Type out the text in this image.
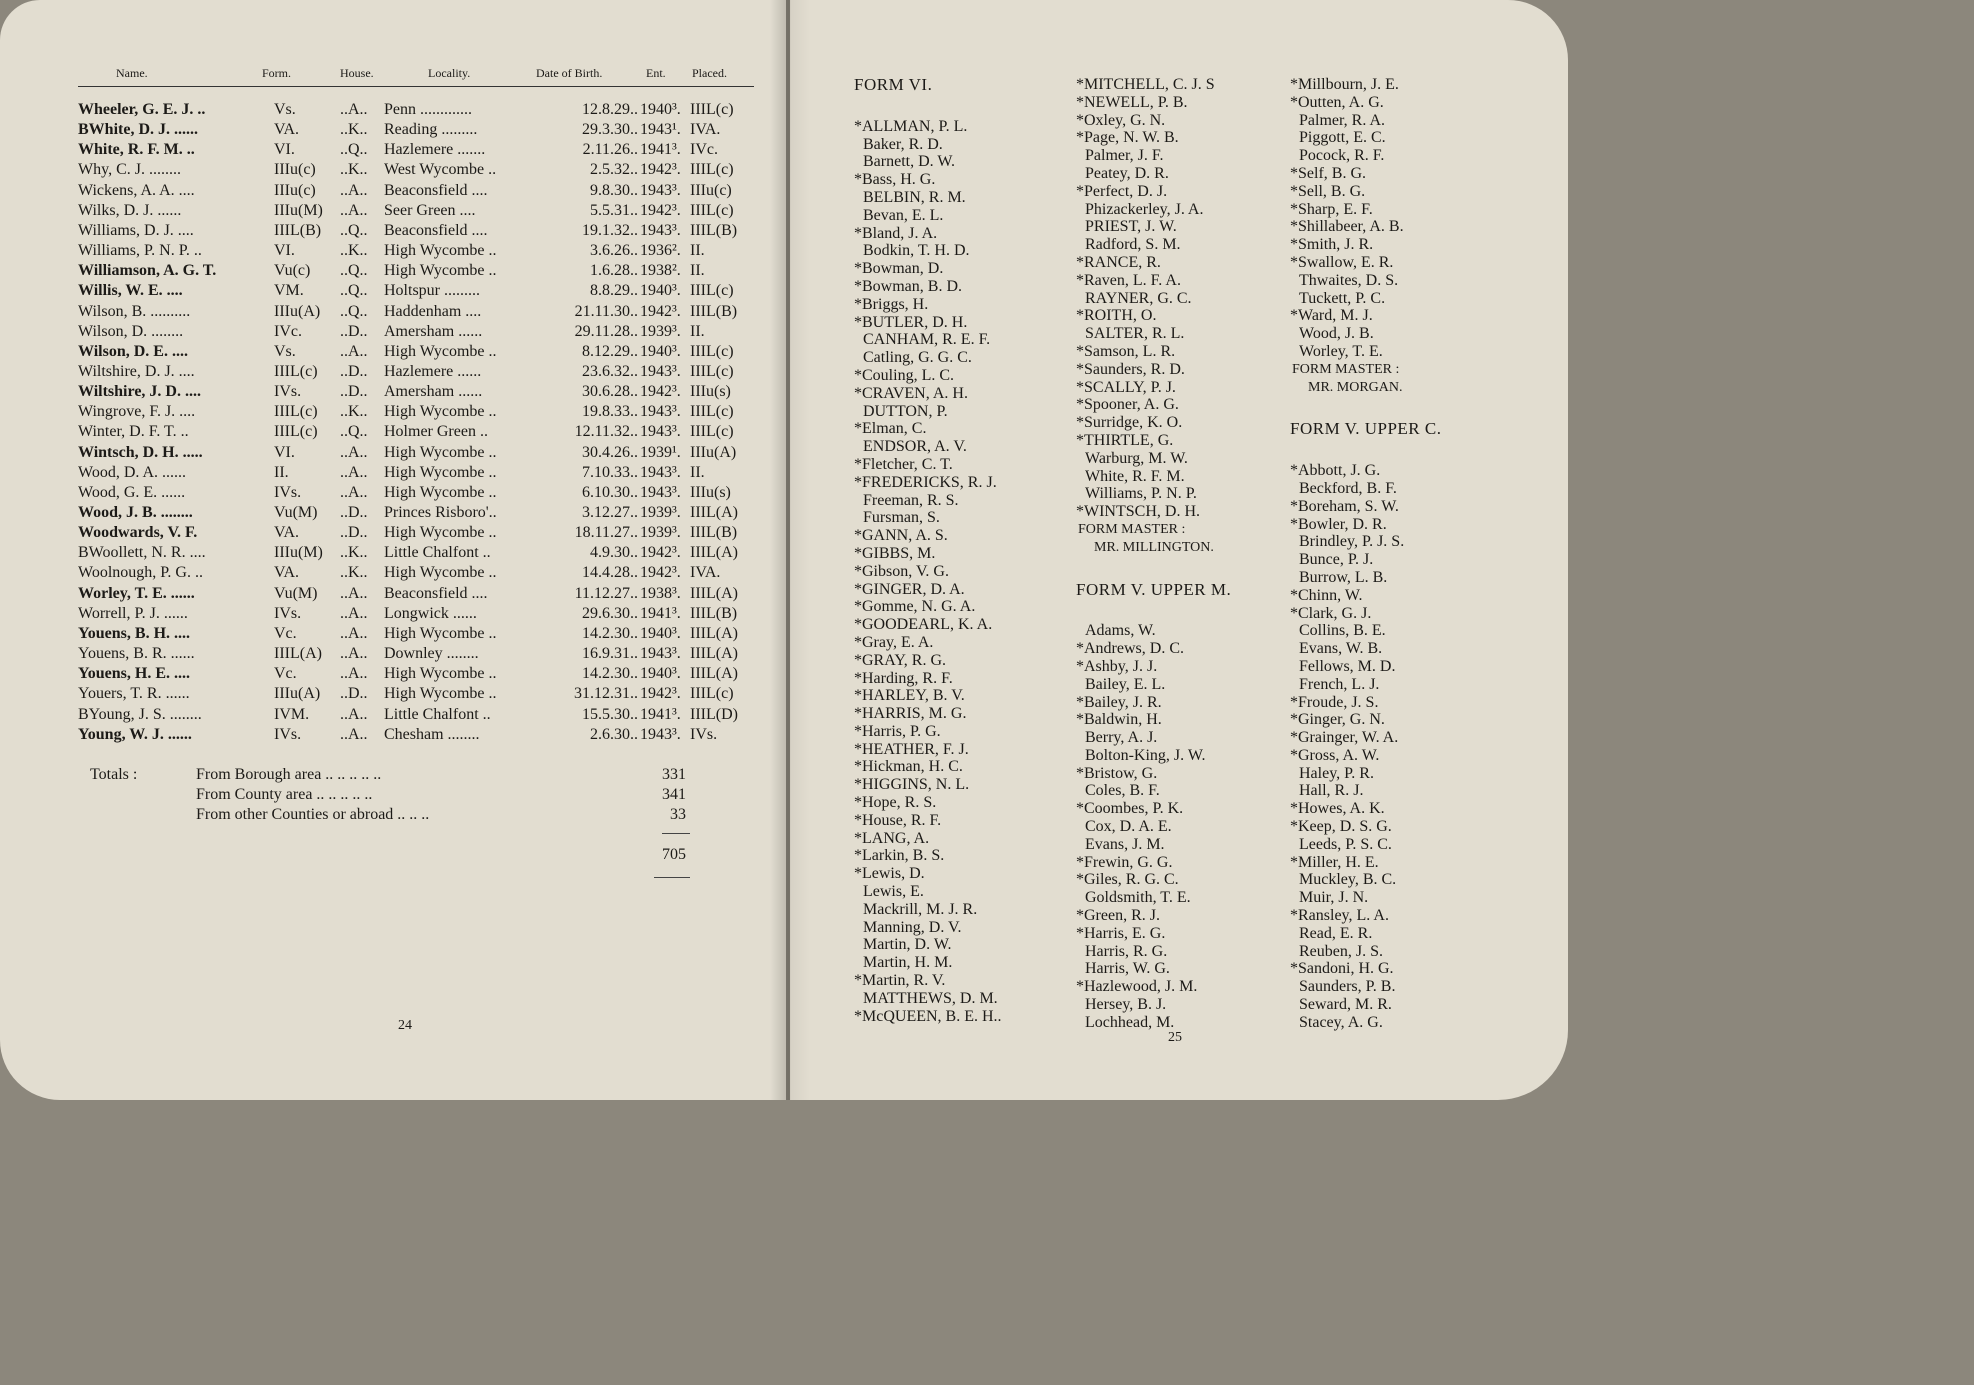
Name.	Form.	House.	Locality.	Date of Birth.	Ent. Placed.
Wheeler, G. E. J. ..	Vs.	..A.. Penn .............	12.8.29.. 1940³. IIIL(c)
BWhite, D. J. ......	VA.	..K.. Reading .........	29.3.30.. 1943¹. IVA.
White, R. F. M. ..	VI.	..Q.. Hazlemere .......	2.11.26.. 1941³. IVc.
Why, C. J. ........	IIIu(c) ..K.. West Wycombe ..	2.5.32.. 1942³. IIIL(c)
Wickens, A. A. ....	IIIu(c) ..A.. Beaconsfield ....	9.8.30.. 1943³. IIIu(c)
Wilks, D. J. ......	IIIu(M) ..A.. Seer Green ....	5.5.31.. 1942³. IIIL(c)
Williams, D. J. ....	IIIL(B) ..Q.. Beaconsfield ....	19.1.32.. 1943³. IIIL(B)
Williams, P. N. P. ..	VI.	..K.. High Wycombe ..	3.6.26.. 1936². II.
Williamson, A. G. T.	Vu(c) ..Q.. High Wycombe ..	1.6.28.. 1938². II.
Willis, W. E. ....	VM. ..Q.. Holtspur .........	8.8.29.. 1940³. IIIL(c)
Wilson, B. ..........	IIIu(A) ..Q.. Haddenham ....	21.11.30.. 1942³. IIIL(B)
Wilson, D. ........	IVc. ..D.. Amersham ......	29.11.28.. 1939³. II.
Wilson, D. E. ....	Vs.	..A.. High Wycombe ..	8.12.29.. 1940³. IIIL(c)
Wiltshire, D. J. ....	IIIL(c) ..D.. Hazlemere ......	23.6.32.. 1943³. IIIL(c)
Wiltshire, J. D. ....	IVs. ..D.. Amersham ......	30.6.28.. 1942³. IIIu(s)
Wingrove, F. J. ....	IIIL(c) ..K.. High Wycombe ..	19.8.33.. 1943³. IIIL(c)
Winter, D. F. T. ..	IIIL(c) ..Q.. Holmer Green ..	12.11.32.. 1943³. IIIL(c)
Wintsch, D. H. .....	VI.	..A.. High Wycombe ..	30.4.26.. 1939¹. IIIu(A)
Wood, D. A. ......	II.	..A.. High Wycombe ..	7.10.33.. 1943³. II.
Wood, G. E. ......	IVs. ..A.. High Wycombe ..	6.10.30.. 1943³. IIIu(s)
Wood, J. B. ........	Vu(M) ..D.. Princes Risboro'..	3.12.27.. 1939³. IIIL(A)
Woodwards, V. F.	VA.	..D.. High Wycombe ..	18.11.27.. 1939³. IIIL(B)
BWoollett, N. R. ....	IIIu(M) ..K.. Little Chalfont ..	4.9.30.. 1942³. IIIL(A)
Woolnough, P. G. ..	VA.	..K.. High Wycombe ..	14.4.28.. 1942³. IVA.
Worley, T. E. ......	Vu(M) ..A.. Beaconsfield ....	11.12.27.. 1938³. IIIL(A)
Worrell, P. J. ......	IVs. ..A.. Longwick ......	29.6.30.. 1941³. IIIL(B)
Youens, B. H. ....	Vc.	..A.. High Wycombe ..	14.2.30.. 1940³. IIIL(A)
Youens, B. R. ......	IIIL(A) ..A.. Downley ........	16.9.31.. 1943³. IIIL(A)
Youens, H. E. ....	Vc.	..A.. High Wycombe ..	14.2.30.. 1940³. IIIL(A)
Youers, T. R. ......	IIIu(A) ..D.. High Wycombe ..	31.12.31.. 1942³. IIIL(c)
BYoung, J. S. ........	IVM. ..A.. Little Chalfont ..	15.5.30.. 1941³. IIIL(D)
Young, W. J. ......	IVs. ..A.. Chesham ........	2.6.30.. 1943³. IVs.
Totals :	From Borough area .. .. .. .. ..	331
From County area .. .. .. .. ..	341
From other Counties or abroad .. .. ..	33
705
24
FORM VI.
*ALLMAN, P. L.
Baker, R. D.
Barnett, D. W.
*Bass, H. G.
BELBIN, R. M.
Bevan, E. L.
*Bland, J. A.
Bodkin, T. H. D.
*Bowman, D.
*Bowman, B. D.
*Briggs, H.
*BUTLER, D. H.
CANHAM, R. E. F.
Catling, G. G. C.
*Couling, L. C.
*CRAVEN, A. H.
DUTTON, P.
*Elman, C.
ENDSOR, A. V.
*Fletcher, C. T.
*FREDERICKS, R. J.
Freeman, R. S.
Fursman, S.
*GANN, A. S.
*GIBBS, M.
*Gibson, V. G.
*GINGER, D. A.
*Gomme, N. G. A.
*GOODEARL, K. A.
*Gray, E. A.
*GRAY, R. G.
*Harding, R. F.
*HARLEY, B. V.
*HARRIS, M. G.
*Harris, P. G.
*HEATHER, F. J.
*Hickman, H. C.
*HIGGINS, N. L.
*Hope, R. S.
*House, R. F.
*LANG, A.
*Larkin, B. S.
*Lewis, D.
Lewis, E.
Mackrill, M. J. R.
Manning, D. V.
Martin, D. W.
Martin, H. M.
*Martin, R. V.
MATTHEWS, D. M.
*McQUEEN, B. E. H..
*MITCHELL, C. J. S
*NEWELL, P. B.
*Oxley, G. N.
*Page, N. W. B.
Palmer, J. F.
Peatey, D. R.
*Perfect, D. J.
Phizackerley, J. A.
PRIEST, J. W.
Radford, S. M.
*RANCE, R.
*Raven, L. F. A.
RAYNER, G. C.
*ROITH, O.
SALTER, R. L.
*Samson, L. R.
*Saunders, R. D.
*SCALLY, P. J.
*Spooner, A. G.
*Surridge, K. O.
*THIRTLE, G.
Warburg, M. W.
White, R. F. M.
Williams, P. N. P.
*WINTSCH, D. H.
FORM MASTER :
MR. MILLINGTON.
FORM V. UPPER M.
Adams, W.
*Andrews, D. C.
*Ashby, J. J.
Bailey, E. L.
*Bailey, J. R.
*Baldwin, H.
Berry, A. J.
Bolton-King, J. W.
*Bristow, G.
Coles, B. F.
*Coombes, P. K.
Cox, D. A. E.
Evans, J. M.
*Frewin, G. G.
*Giles, R. G. C.
Goldsmith, T. E.
*Green, R. J.
*Harris, E. G.
Harris, R. G.
Harris, W. G.
*Hazlewood, J. M.
Hersey, B. J.
Lochhead, M.
*Millbourn, J. E.
*Outten, A. G.
Palmer, R. A.
Piggott, E. C.
Pocock, R. F.
*Self, B. G.
*Sell, B. G.
*Sharp, E. F.
*Shillabeer, A. B.
*Smith, J. R.
*Swallow, E. R.
Thwaites, D. S.
Tuckett, P. C.
*Ward, M. J.
Wood, J. B.
Worley, T. E.
FORM MASTER :
MR. MORGAN.
FORM V. UPPER C.
*Abbott, J. G.
Beckford, B. F.
*Boreham, S. W.
*Bowler, D. R.
Brindley, P. J. S.
Bunce, P. J.
Burrow, L. B.
*Chinn, W.
*Clark, G. J.
Collins, B. E.
Evans, W. B.
Fellows, M. D.
French, L. J.
*Froude, J. S.
*Ginger, G. N.
*Grainger, W. A.
*Gross, A. W.
Haley, P. R.
Hall, R. J.
*Howes, A. K.
*Keep, D. S. G.
Leeds, P. S. C.
*Miller, H. E.
Muckley, B. C.
Muir, J. N.
*Ransley, L. A.
Read, E. R.
Reuben, J. S.
*Sandoni, H. G.
Saunders, P. B.
Seward, M. R.
Stacey, A. G.
25
